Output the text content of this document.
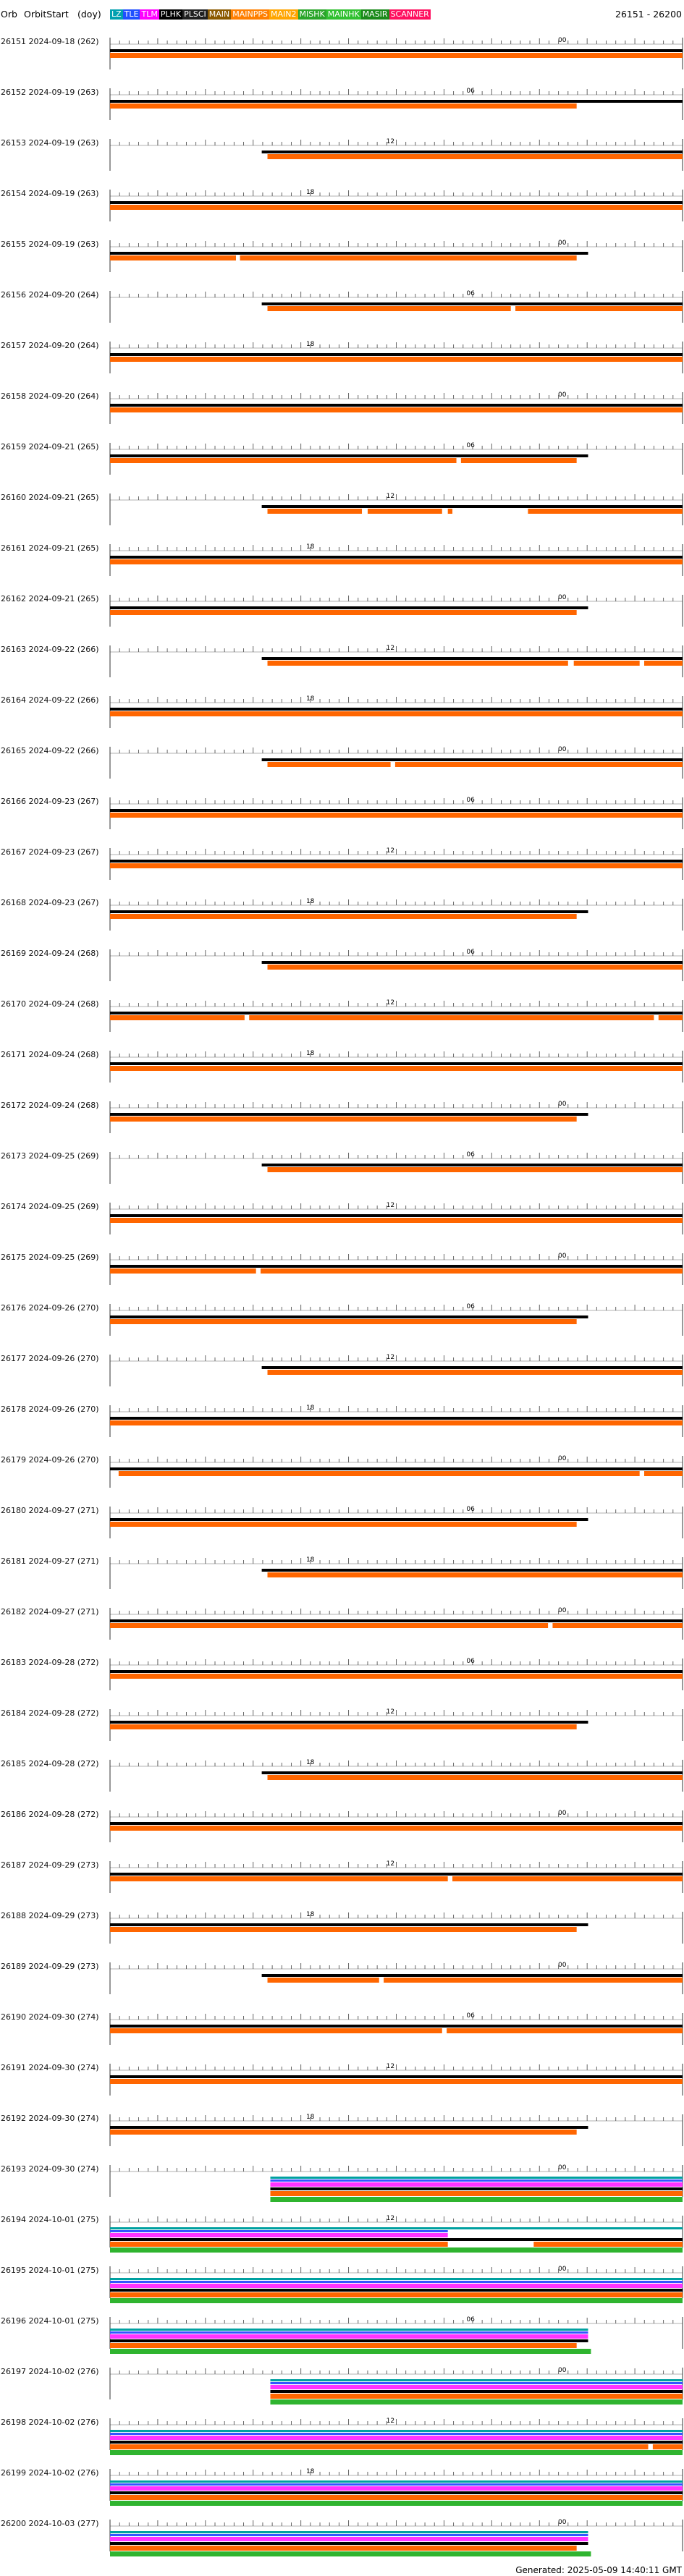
Orb OrbitStart (doy) LZ TLE TLM PLHK PLSCI MAIN MAINPPS MAIN2 MISHK MAINHK MASIR SCANNER	26151 - 26200
00
06
12
18
00
06
18
00
06
12
18
00
12
18
00
06
12
18
06
12
18
00
06
12
00
06
12
18
00
06
18
00
06
12
18
00
12
18
00
06
12
18
00
12
00
06
00
12
18
00
26151 2024-09-18 (262)
26152 2024-09-19 (263)
26153 2024-09-19 (263)
26154 2024-09-19 (263)
26155 2024-09-19 (263)
26156 2024-09-20 (264)
26157 2024-09-20 (264)
26158 2024-09-20 (264)
26159 2024-09-21 (265)
26160 2024-09-21 (265)
26161 2024-09-21 (265)
26162 2024-09-21 (265)
26163 2024-09-22 (266)
26164 2024-09-22 (266)
26165 2024-09-22 (266)
26166 2024-09-23 (267)
26167 2024-09-23 (267)
26168 2024-09-23 (267)
26169 2024-09-24 (268)
26170 2024-09-24 (268)
26171 2024-09-24 (268)
26172 2024-09-24 (268)
26173 2024-09-25 (269)
26174 2024-09-25 (269)
26175 2024-09-25 (269)
26176 2024-09-26 (270)
26177 2024-09-26 (270)
26178 2024-09-26 (270)
26179 2024-09-26 (270)
26180 2024-09-27 (271)
26181 2024-09-27 (271)
26182 2024-09-27 (271)
26183 2024-09-28 (272)
26184 2024-09-28 (272)
26185 2024-09-28 (272)
26186 2024-09-28 (272)
26187 2024-09-29 (273)
26188 2024-09-29 (273)
26189 2024-09-29 (273)
26190 2024-09-30 (274)
26191 2024-09-30 (274)
26192 2024-09-30 (274)
26193 2024-09-30 (274)
26194 2024-10-01 (275)
26195 2024-10-01 (275)
26196 2024-10-01 (275)
26197 2024-10-02 (276)
26198 2024-10-02 (276)
26199 2024-10-02 (276)
26200 2024-10-03 (277)
Generated: 2025-05-09 14:40:11 GMT
